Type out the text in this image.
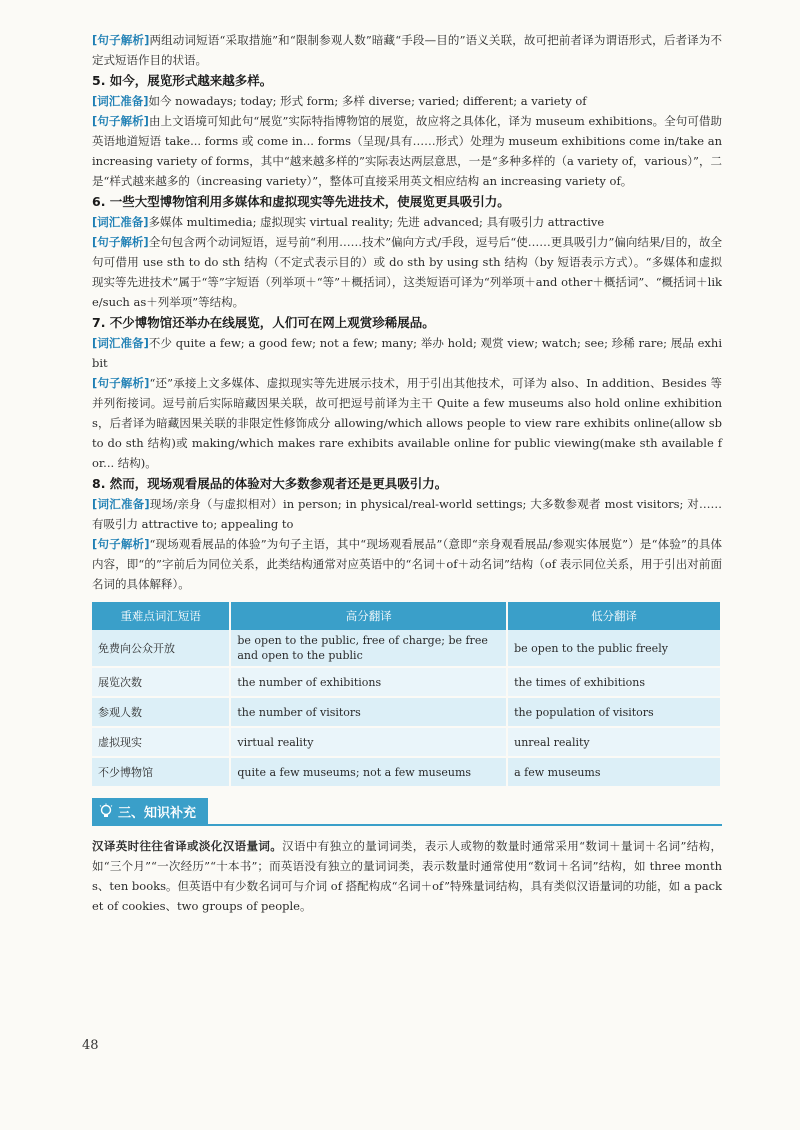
[句子解析]两组动词短语“采取措施”和“限制参观人数”暗藏“手段—目的”语义关联，故可把前者译为谓语形式，后者译为不定式短语作目的状语。

5. 如今，展览形式越来越多样。

[词汇准备]如今 nowadays; today; 形式 form; 多样 diverse; varied; different; a variety of

[句子解析]由上文语境可知此句“展览”实际特指博物馆的展览，故应将之具体化，译为 museum exhibitions。全句可借助英语地道短语 take... forms 或 come in... forms（呈现/具有……形式）处理为 museum exhibitions come in/take an increasing variety of forms，其中“越来越多样的”实际表达两层意思，一是“多种多样的（a variety of，various）”，二是“样式越来越多的（increasing variety）”，整体可直接采用英文相应结构 an increasing variety of。

6. 一些大型博物馆利用多媒体和虚拟现实等先进技术，使展览更具吸引力。

[词汇准备]多媒体 multimedia; 虚拟现实 virtual reality; 先进 advanced; 具有吸引力 attractive

[句子解析]全句包含两个动词短语，逗号前“利用……技术”偏向方式/手段，逗号后“使……更具吸引力”偏向结果/目的，故全句可借用 use sth to do sth 结构（不定式表示目的）或 do sth by using sth 结构（by 短语表示方式）。“多媒体和虚拟现实等先进技术”属于“等”字短语（列举项＋“等”＋概括词），这类短语可译为“列举项＋and other＋概括词”、“概括词＋like/such as＋列举项”等结构。

7. 不少博物馆还举办在线展览，人们可在网上观赏珍稀展品。

[词汇准备]不少 quite a few; a good few; not a few; many; 举办 hold; 观赏 view; watch; see; 珍稀 rare; 展品 exhibit

[句子解析]“还”承接上文多媒体、虚拟现实等先进展示技术，用于引出其他技术，可译为 also、In addition、Besides 等并列衔接词。逗号前后实际暗藏因果关联，故可把逗号前译为主干 Quite a few museums also hold online exhibitions，后者译为暗藏因果关联的非限定性修饰成分 allowing/which allows people to view rare exhibits online(allow sb to do sth 结构)或 making/which makes rare exhibits available online for public viewing(make sth available for... 结构)。

8. 然而，现场观看展品的体验对大多数参观者还是更具吸引力。

[词汇准备]现场/亲身（与虚拟相对）in person; in physical/real-world settings; 大多数参观者 most visitors; 对……有吸引力 attractive to; appealing to

[句子解析]“现场观看展品的体验”为句子主语，其中“现场观看展品”（意即“亲身观看展品/参观实体展览”）是“体验”的具体内容，即“的”字前后为同位关系，此类结构通常对应英语中的“名词＋of＋动名词”结构（of 表示同位关系，用于引出对前面名词的具体解释）。

重难点词汇短语	高分翻译	低分翻译
免费向公众开放	be open to the public, free of charge; be free and open to the public	be open to the public freely
展览次数	the number of exhibitions	the times of exhibitions
参观人数	the number of visitors	the population of visitors
虚拟现实	virtual reality	unreal reality
不少博物馆	quite a few museums; not a few museums	a few museums
三、知识补充

汉译英时往往省译或淡化汉语量词。汉语中有独立的量词词类，表示人或物的数量时通常采用“数词＋量词＋名词”结构，如“三个月”“一次经历”“十本书”；而英语没有独立的量词词类，表示数量时通常使用“数词＋名词”结构，如 three months、ten books。但英语中有少数名词可与介词 of 搭配构成“名词＋of”特殊量词结构，具有类似汉语量词的功能，如 a packet of cookies、two groups of people。

48
